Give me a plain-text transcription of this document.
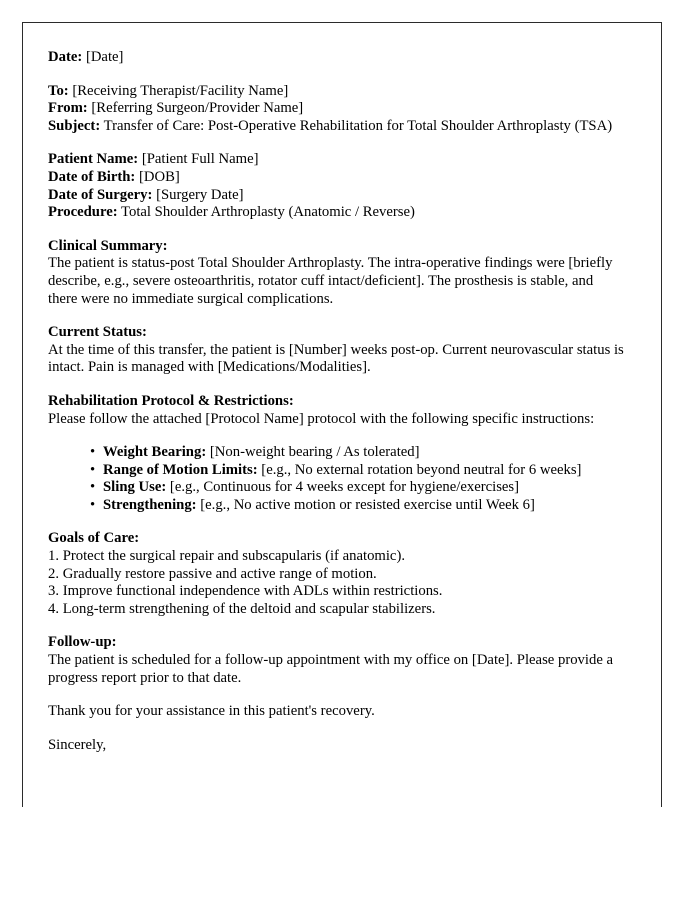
Date: [Date]
To: [Receiving Therapist/Facility Name]
From: [Referring Surgeon/Provider Name]
Subject: Transfer of Care: Post-Operative Rehabilitation for Total Shoulder Arthroplasty (TSA)
Patient Name: [Patient Full Name]
Date of Birth: [DOB]
Date of Surgery: [Surgery Date]
Procedure: Total Shoulder Arthroplasty (Anatomic / Reverse)
Clinical Summary:
The patient is status-post Total Shoulder Arthroplasty. The intra-operative findings were [briefly describe, e.g., severe osteoarthritis, rotator cuff intact/deficient]. The prosthesis is stable, and there were no immediate surgical complications.
Current Status:
At the time of this transfer, the patient is [Number] weeks post-op. Current neurovascular status is intact. Pain is managed with [Medications/Modalities].
Rehabilitation Protocol & Restrictions:
Please follow the attached [Protocol Name] protocol with the following specific instructions:
• Weight Bearing: [Non-weight bearing / As tolerated]
• Range of Motion Limits: [e.g., No external rotation beyond neutral for 6 weeks]
• Sling Use: [e.g., Continuous for 4 weeks except for hygiene/exercises]
• Strengthening: [e.g., No active motion or resisted exercise until Week 6]
Goals of Care:
1. Protect the surgical repair and subscapularis (if anatomic).
2. Gradually restore passive and active range of motion.
3. Improve functional independence with ADLs within restrictions.
4. Long-term strengthening of the deltoid and scapular stabilizers.
Follow-up:
The patient is scheduled for a follow-up appointment with my office on [Date]. Please provide a progress report prior to that date.
Thank you for your assistance in this patient's recovery.
Sincerely,
